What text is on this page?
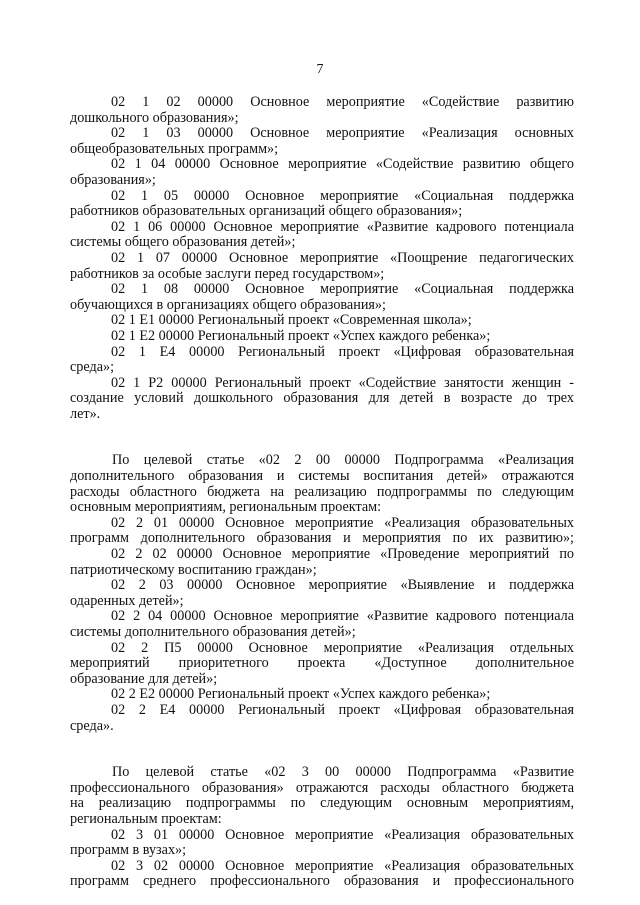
7
02 1 02 00000 Основное мероприятие «Содействие развитию
дошкольного образования»;
02 1 03 00000 Основное мероприятие «Реализация основных
общеобразовательных программ»;
02 1 04 00000 Основное мероприятие «Содействие развитию общего
образования»;
02 1 05 00000 Основное мероприятие «Социальная поддержка
работников образовательных организаций общего образования»;
02 1 06 00000 Основное мероприятие «Развитие кадрового потенциала
системы общего образования детей»;
02 1 07 00000 Основное мероприятие «Поощрение педагогических
работников за особые заслуги перед государством»;
02 1 08 00000 Основное мероприятие «Социальная поддержка
обучающихся в организациях общего образования»;
02 1 E1 00000 Региональный проект «Современная школа»;
02 1 E2 00000 Региональный проект «Успех каждого ребенка»;
02 1 E4 00000 Региональный проект «Цифровая образовательная
среда»;
02 1 P2 00000 Региональный проект «Содействие занятости женщин -
создание условий дошкольного образования для детей в возрасте до трех
лет».
По целевой статье «02 2 00 00000 Подпрограмма «Реализация
дополнительного образования и системы воспитания детей» отражаются
расходы областного бюджета на реализацию подпрограммы по следующим
основным мероприятиям, региональным проектам:
02 2 01 00000 Основное мероприятие «Реализация образовательных
программ дополнительного образования и мероприятия по их развитию»;
02 2 02 00000 Основное мероприятие «Проведение мероприятий по
патриотическому воспитанию граждан»;
02 2 03 00000 Основное мероприятие «Выявление и поддержка
одаренных детей»;
02 2 04 00000 Основное мероприятие «Развитие кадрового потенциала
системы дополнительного образования детей»;
02 2 П5 00000 Основное мероприятие «Реализация отдельных
мероприятий приоритетного проекта «Доступное дополнительное
образование для детей»;
02 2 E2 00000 Региональный проект «Успех каждого ребенка»;
02 2 E4 00000 Региональный проект «Цифровая образовательная
среда».
По целевой статье «02 3 00 00000 Подпрограмма «Развитие
профессионального образования» отражаются расходы областного бюджета
на реализацию подпрограммы по следующим основным мероприятиям,
региональным проектам:
02 3 01 00000 Основное мероприятие «Реализация образовательных
программ в вузах»;
02 3 02 00000 Основное мероприятие «Реализация образовательных
программ среднего профессионального образования и профессионального
